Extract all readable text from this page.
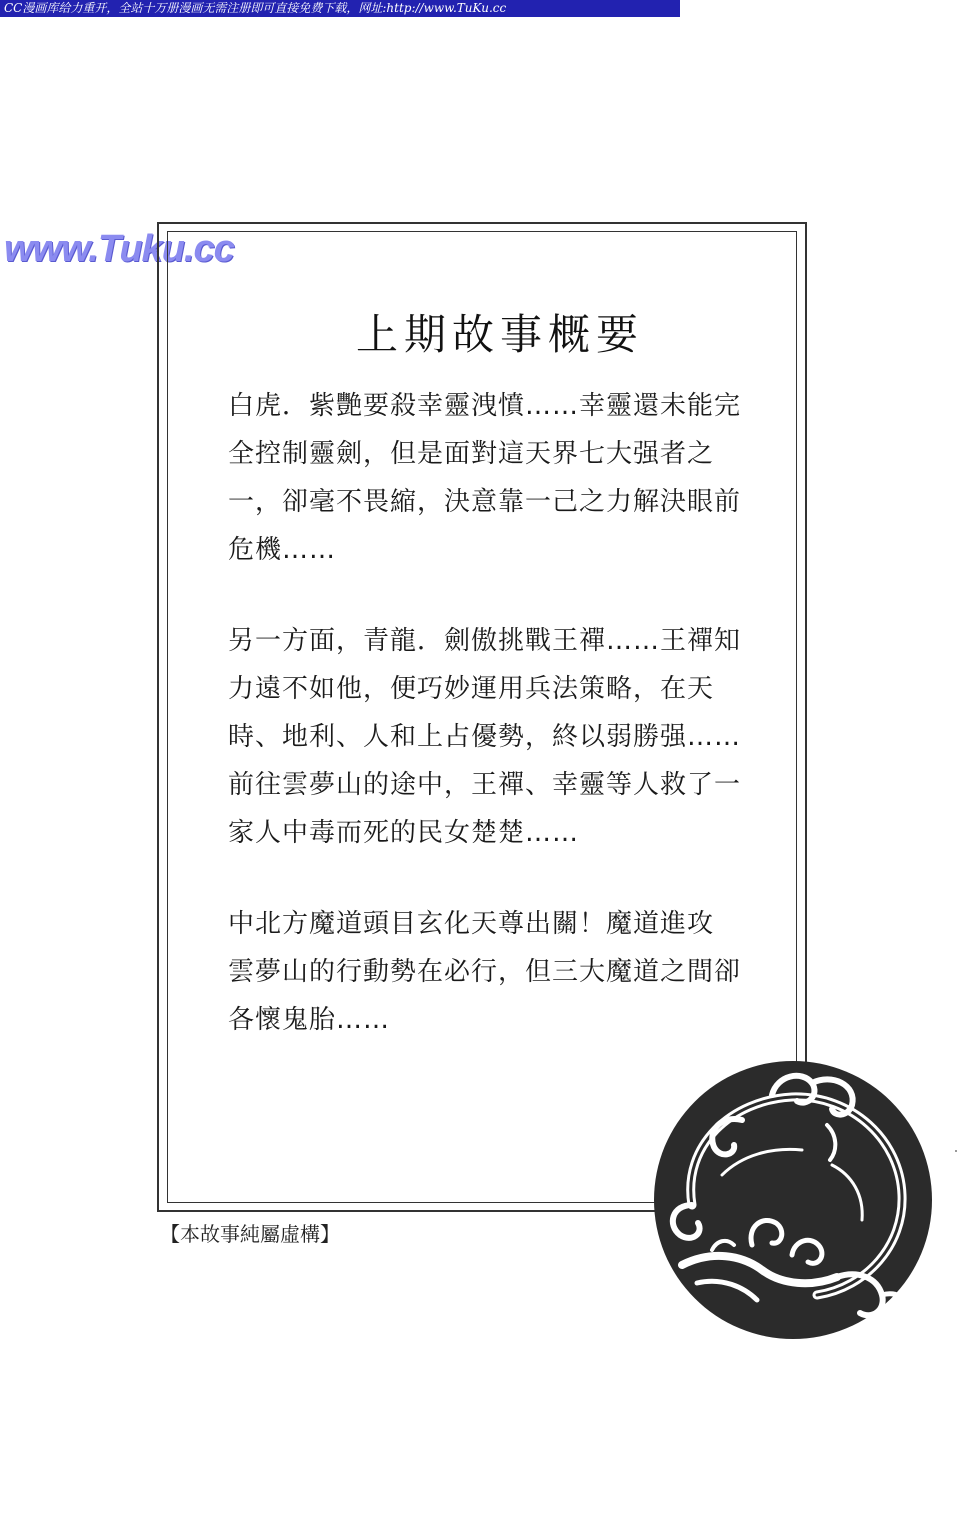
CC漫画库给力重开，全站十万册漫画无需注册即可直接免费下载，网址:http://www.TuKu.cc
www.Tuku.cc
上期故事概要

白虎．紫艷要殺幸靈洩憤……幸靈還未能完

全控制靈劍，但是面對這天界七大强者之

一，卻毫不畏縮，決意靠一己之力解決眼前

危機……

另一方面，青龍．劍傲挑戰王禪……王禪知

力遠不如他，便巧妙運用兵法策略，在天

時、地利、人和上占優勢，終以弱勝强……

前往雲夢山的途中，王禪、幸靈等人救了一

家人中毒而死的民女楚楚……

中北方魔道頭目玄化天尊出關！魔道進攻

雲夢山的行動勢在必行，但三大魔道之間卻

各懷鬼胎……

【本故事純屬虛構】
